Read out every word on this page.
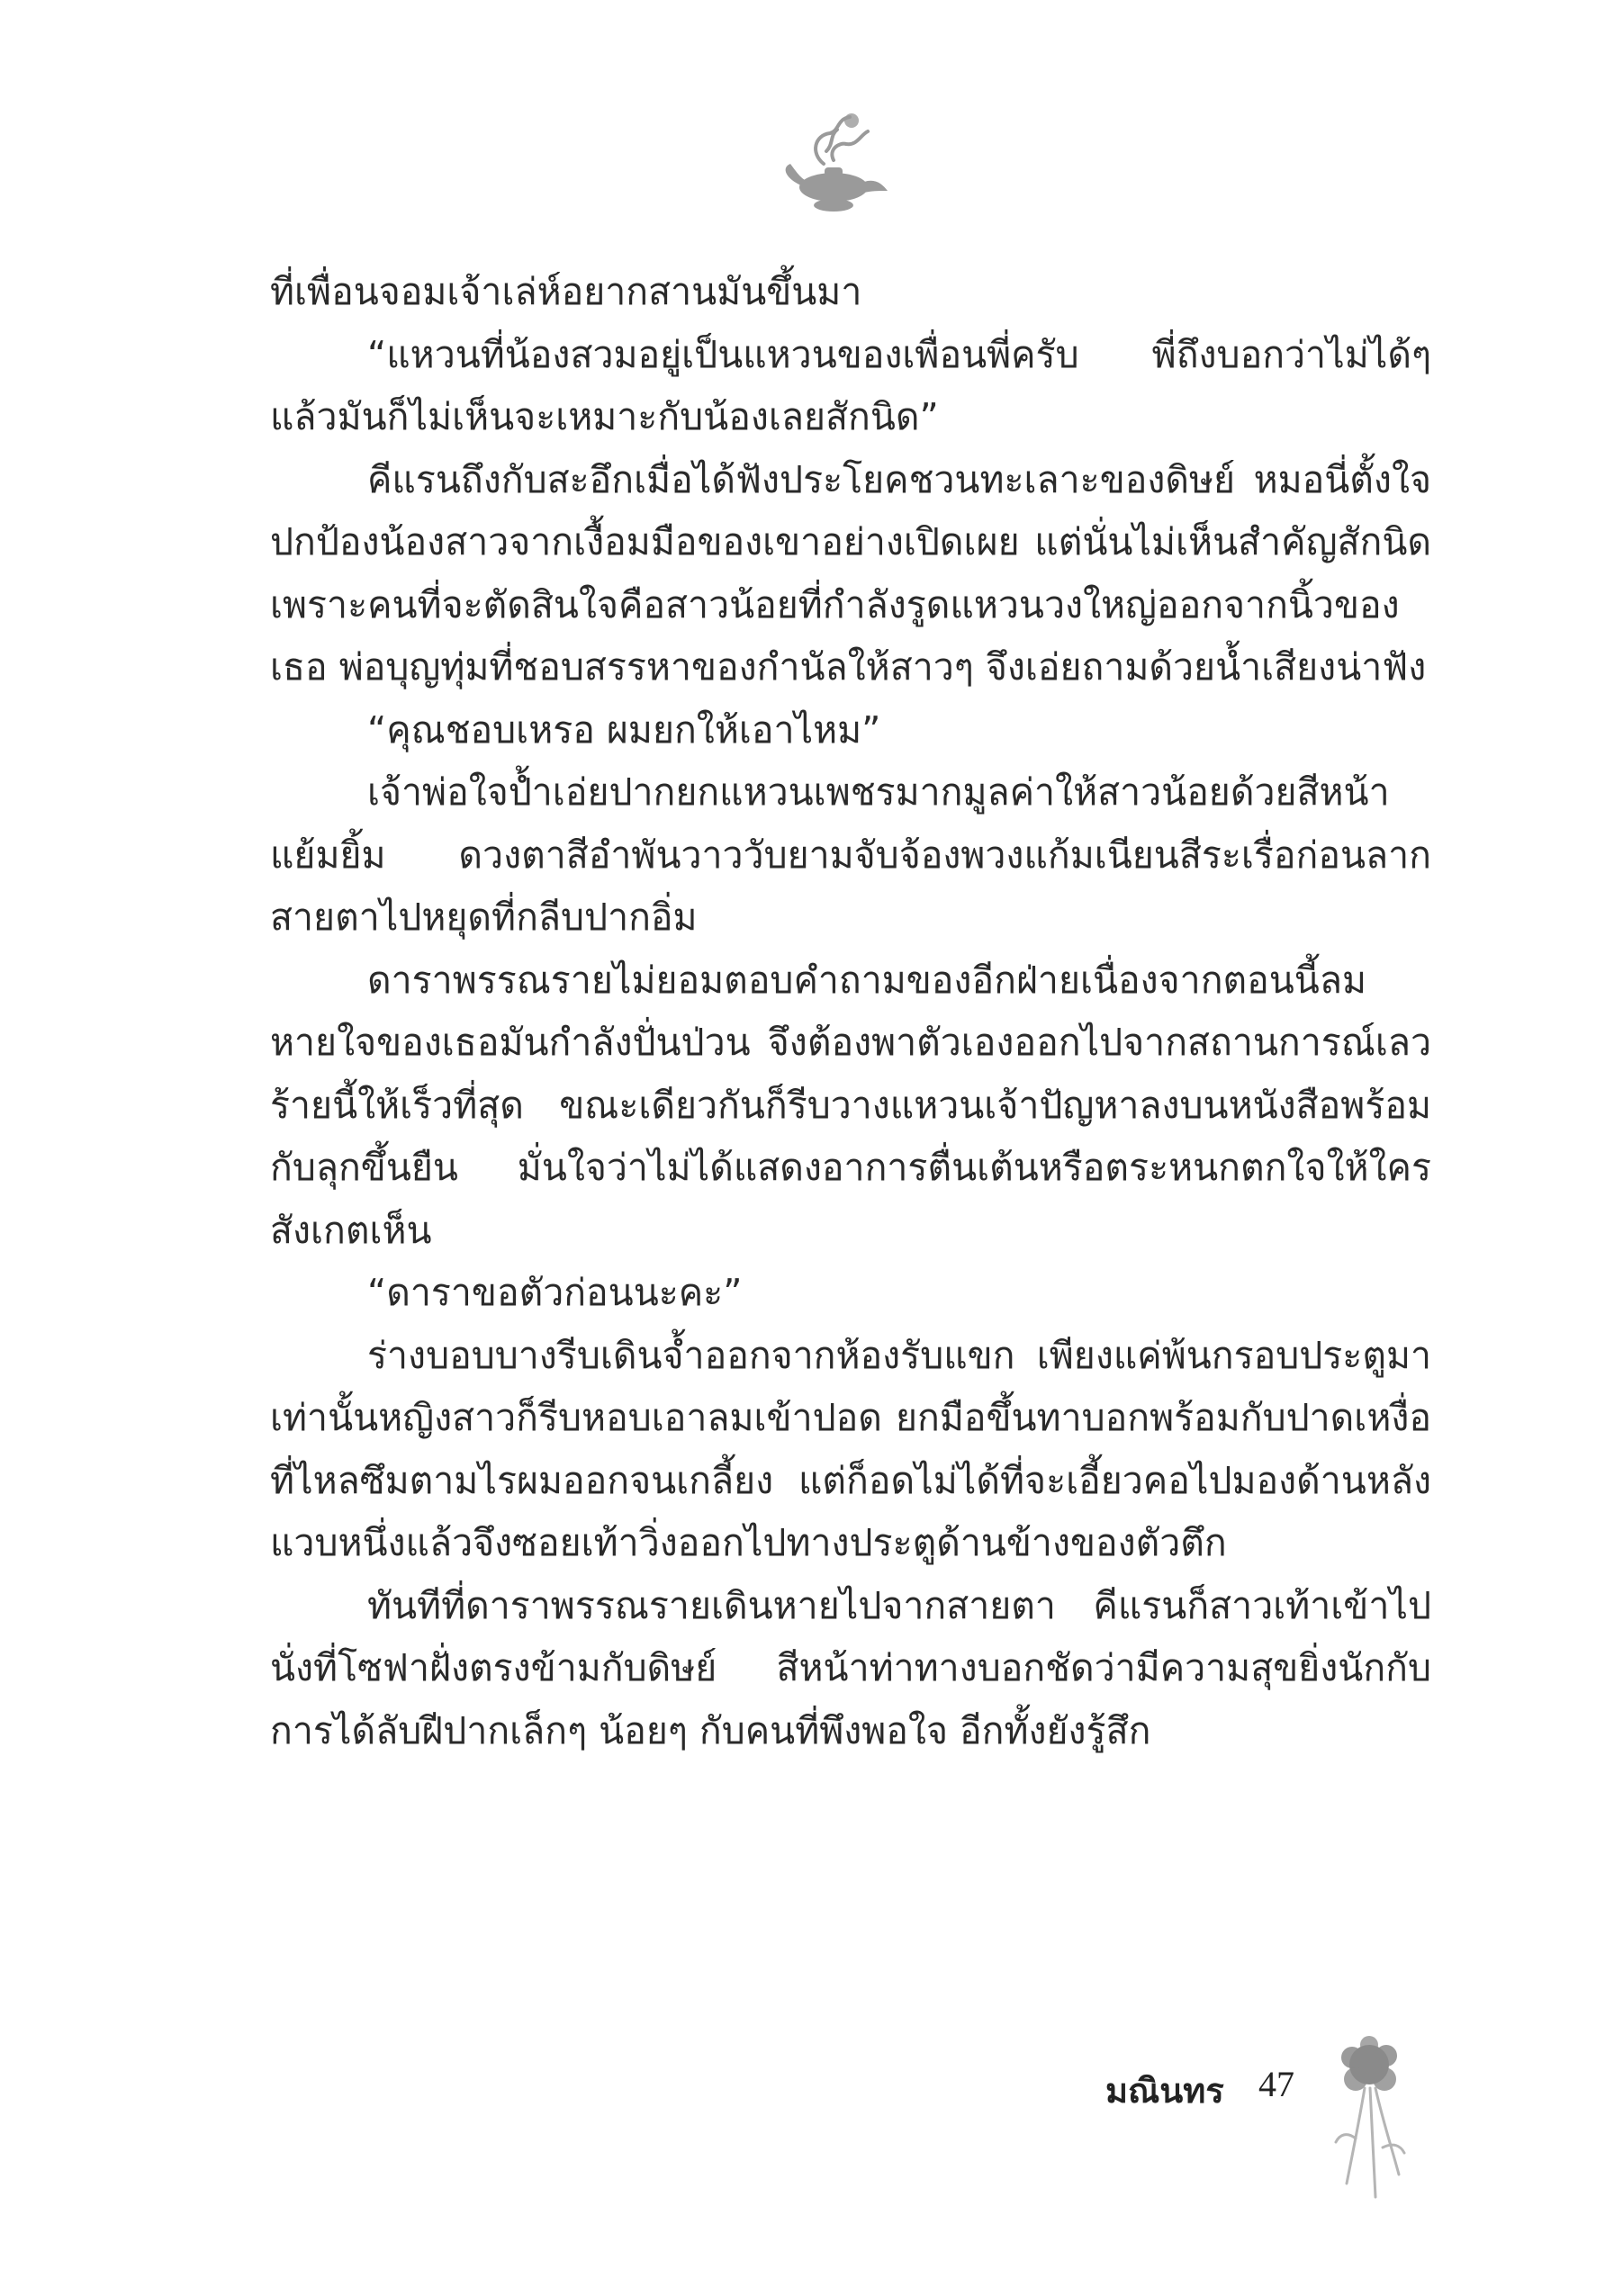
ที่เพื่อนจอมเจ้าเล่ห์อยากสานมันขึ้นมา

“แหวนที่น้องสวมอยู่เป็นแหวนของเพื่อนพี่ครับ พี่ถึงบอกว่าไม่ได้ๆ แล้วมันก็ไม่เห็นจะเหมาะกับน้องเลยสักนิด”

คีแรนถึงกับสะอึกเมื่อได้ฟังประโยคชวนทะเลาะของดิษย์ หมอนี่ตั้งใจปกป้องน้องสาวจากเงื้อมมือของเขาอย่างเปิดเผย แต่นั่นไม่เห็นสำคัญสักนิดเพราะคนที่จะตัดสินใจคือสาวน้อยที่กำลังรูดแหวนวงใหญ่ออกจากนิ้วของเธอ พ่อบุญทุ่มที่ชอบสรรหาของกำนัลให้สาวๆ จึงเอ่ยถามด้วยน้ำเสียงน่าฟัง

“คุณชอบเหรอ ผมยกให้เอาไหม”

เจ้าพ่อใจป้ำเอ่ยปากยกแหวนเพชรมากมูลค่าให้สาวน้อยด้วยสีหน้าแย้มยิ้ม ดวงตาสีอำพันวาววับยามจับจ้องพวงแก้มเนียนสีระเรื่อก่อนลากสายตาไปหยุดที่กลีบปากอิ่ม

ดาราพรรณรายไม่ยอมตอบคำถามของอีกฝ่ายเนื่องจากตอนนี้ลมหายใจของเธอมันกำลังปั่นป่วน จึงต้องพาตัวเองออกไปจากสถานการณ์เลวร้ายนี้ให้เร็วที่สุด ขณะเดียวกันก็รีบวางแหวนเจ้าปัญหาลงบนหนังสือพร้อมกับลุกขึ้นยืน มั่นใจว่าไม่ได้แสดงอาการตื่นเต้นหรือตระหนกตกใจให้ใครสังเกตเห็น

“ดาราขอตัวก่อนนะคะ”

ร่างบอบบางรีบเดินจ้ำออกจากห้องรับแขก เพียงแค่พ้นกรอบประตูมาเท่านั้นหญิงสาวก็รีบหอบเอาลมเข้าปอด ยกมือขึ้นทาบอกพร้อมกับปาดเหงื่อที่ไหลซึมตามไรผมออกจนเกลี้ยง แต่ก็อดไม่ได้ที่จะเอี้ยวคอไปมองด้านหลังแวบหนึ่งแล้วจึงซอยเท้าวิ่งออกไปทางประตูด้านข้างของตัวตึก

ทันทีที่ดาราพรรณรายเดินหายไปจากสายตา คีแรนก็สาวเท้าเข้าไปนั่งที่โซฟาฝั่งตรงข้ามกับดิษย์ สีหน้าท่าทางบอกชัดว่ามีความสุขยิ่งนักกับการได้ลับฝีปากเล็กๆ น้อยๆ กับคนที่พึงพอใจ อีกทั้งยังรู้สึก

มณินทร 47
